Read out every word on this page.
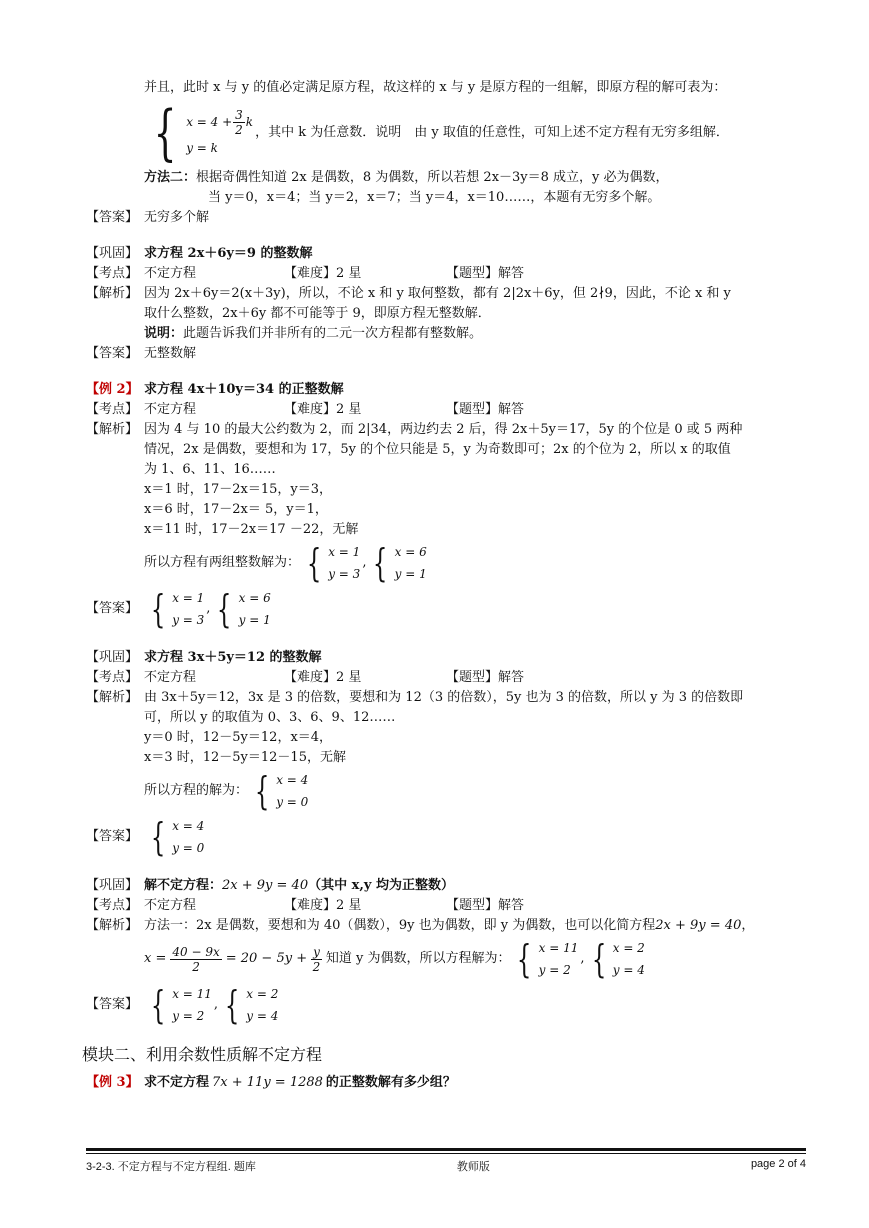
并且，此时 x 与 y 的值必定满足原方程，故这样的 x 与 y 是原方程的一组解，即原方程的解可表为：
{ $x = 4 + \frac{3}{2}$ k
y = k
，其中 k 为任意数．说明　由 y 取值的任意性，可知上述不定方程有无穷多组解．
方法二：根据奇偶性知道 2x 是偶数，8 为偶数，所以若想 2x－3y＝8 成立，y 必为偶数，
当 y＝0，x＝4；当 y＝2，x＝7；当 y＝4，x＝10……，本题有无穷多个解。
【答案】 无穷多个解
【巩固】 求方程 2x＋6y＝9 的整数解
【考点】 不定方程	【难度】2 星	【题型】解答
【解析】 因为 2x＋6y＝2(x＋3y)，所以，不论 x 和 y 取何整数，都有 2|2x＋6y，但 2∤9，因此，不论 x 和 y
取什么整数，2x＋6y 都不可能等于 9，即原方程无整数解．
说明：此题告诉我们并非所有的二元一次方程都有整数解。
【答案】 无整数解
【例 2】 求方程 4x＋10y＝34 的正整数解
【考点】 不定方程	【难度】2 星	【题型】解答
【解析】 因为 4 与 10 的最大公约数为 2，而 2|34，两边约去 2 后，得 2x＋5y＝17，5y 的个位是 0 或 5 两种
情况，2x 是偶数，要想和为 17，5y 的个位只能是 5，y 为奇数即可；2x 的个位为 2，所以 x 的取值
为 1、6、11、16……
x＝1 时，17－2x＝15，y＝3，
x＝6 时，17－2x＝ 5，y＝1，
x＝11 时，17－2x＝17 －22，无解
所以方程有两组整数解为： { x = 1
y = 3
, { x = 6
y = 1
【答案】 { x = 1
y = 3
, { x = 6
y = 1
【巩固】 求方程 3x＋5y＝12 的整数解
【考点】 不定方程	【难度】2 星	【题型】解答
【解析】 由 3x＋5y＝12，3x 是 3 的倍数，要想和为 12（3 的倍数），5y 也为 3 的倍数，所以 y 为 3 的倍数即
可，所以 y 的取值为 0、3、6、9、12……
y＝0 时，12－5y＝12，x＝4，
x＝3 时，12－5y＝12－15，无解
所以方程的解为： { x = 4
y = 0
【答案】 { x = 4
y = 0
【巩固】 解不定方程：2x + 9y = 40（其中 x,y 均为正整数）
【考点】 不定方程	【难度】2 星	【题型】解答
【解析】 方法一：2x 是偶数，要想和为 40（偶数），9y 也为偶数，即 y 为偶数，也可以化简方程2x + 9y = 40，
$x = \frac{40 - 9x}{2} = 20 - 5y + \frac{y}{2}$ 知道 y 为偶数，所以方程解为： { x = 11
y = 2
, { x = 2
y = 4
【答案】 { x = 11
y = 2
, { x = 2
y = 4
模块二、利用余数性质解不定方程
【例 3】 求不定方程 7x + 11y = 1288 的正整数解有多少组？
3-2-3. 不定方程与不定方程组. 题库	教师版	page 2 of 4
